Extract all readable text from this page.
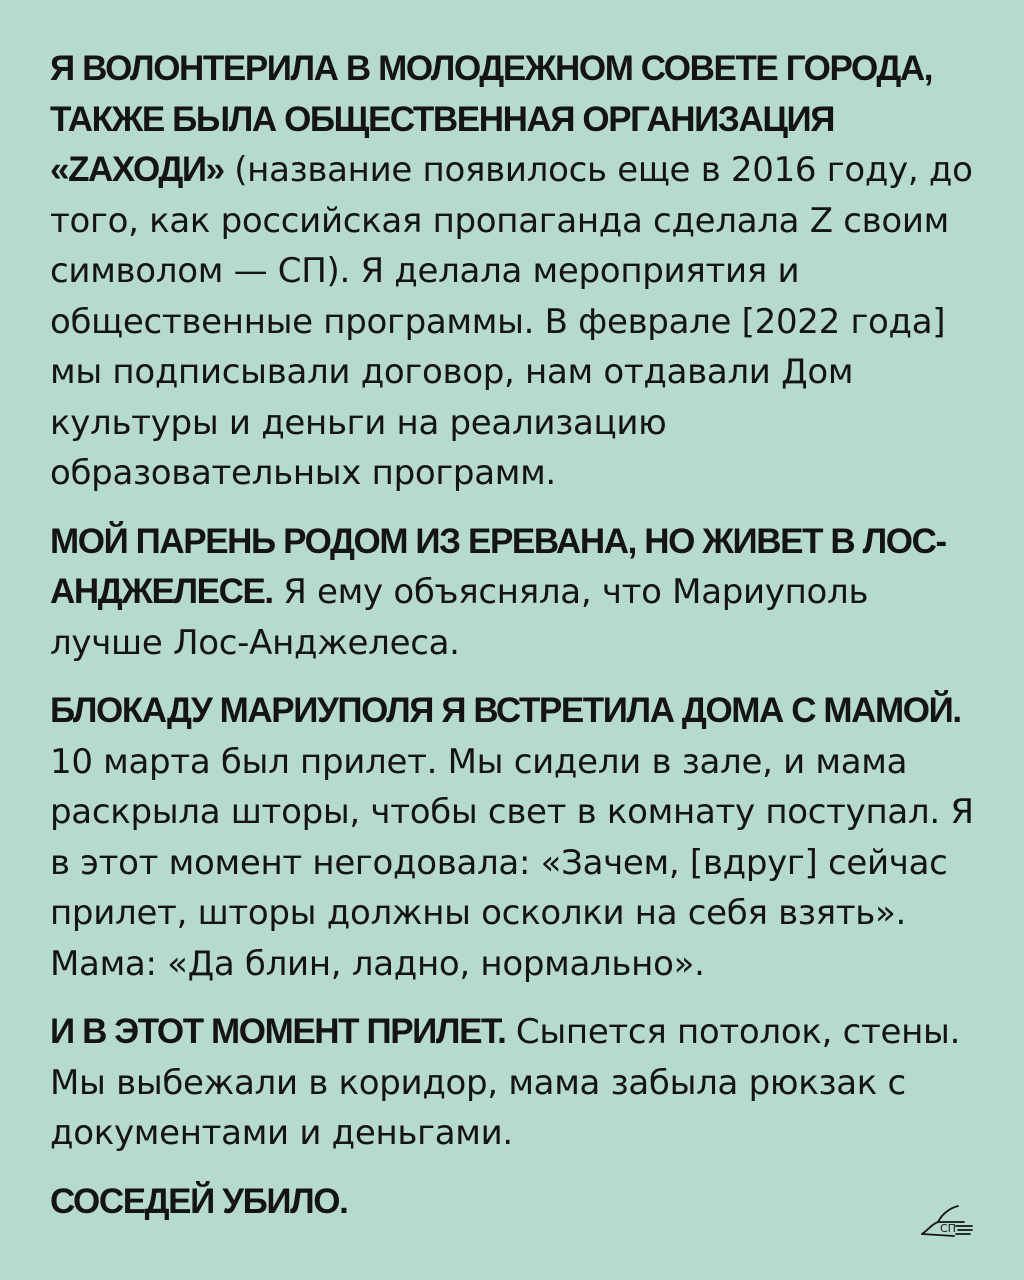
Я ВОЛОНТЕРИЛА В МОЛОДЕЖНОМ СОВЕТЕ ГОРОДА, ТАКЖЕ БЫЛА ОБЩЕСТВЕННАЯ ОРГАНИЗАЦИЯ «ZАХОДИ» (название появилось еще в 2016 году, до того, как российская пропаганда сделала Z своим символом — СП). Я делала мероприятия и общественные программы. В феврале [2022 года] мы подписывали договор, нам отдавали Дом культуры и деньги на реализацию образовательных программ.

МОЙ ПАРЕНЬ РОДОМ ИЗ ЕРЕВАНА, НО ЖИВЕТ В ЛОС-АНДЖЕЛЕСЕ. Я ему объясняла, что Мариуполь лучше Лос-Анджелеса.

БЛОКАДУ МАРИУПОЛЯ Я ВСТРЕТИЛА ДОМА С МАМОЙ. 10 марта был прилет. Мы сидели в зале, и мама раскрыла шторы, чтобы свет в комнату поступал. Я в этот момент негодовала: «Зачем, [вдруг] сейчас прилет, шторы должны осколки на себя взять». Мама: «Да блин, ладно, нормально».

И В ЭТОТ МОМЕНТ ПРИЛЕТ. Сыпется потолок, стены. Мы выбежали в коридор, мама забыла рюкзак с документами и деньгами.

СОСЕДЕЙ УБИЛО.

СП
